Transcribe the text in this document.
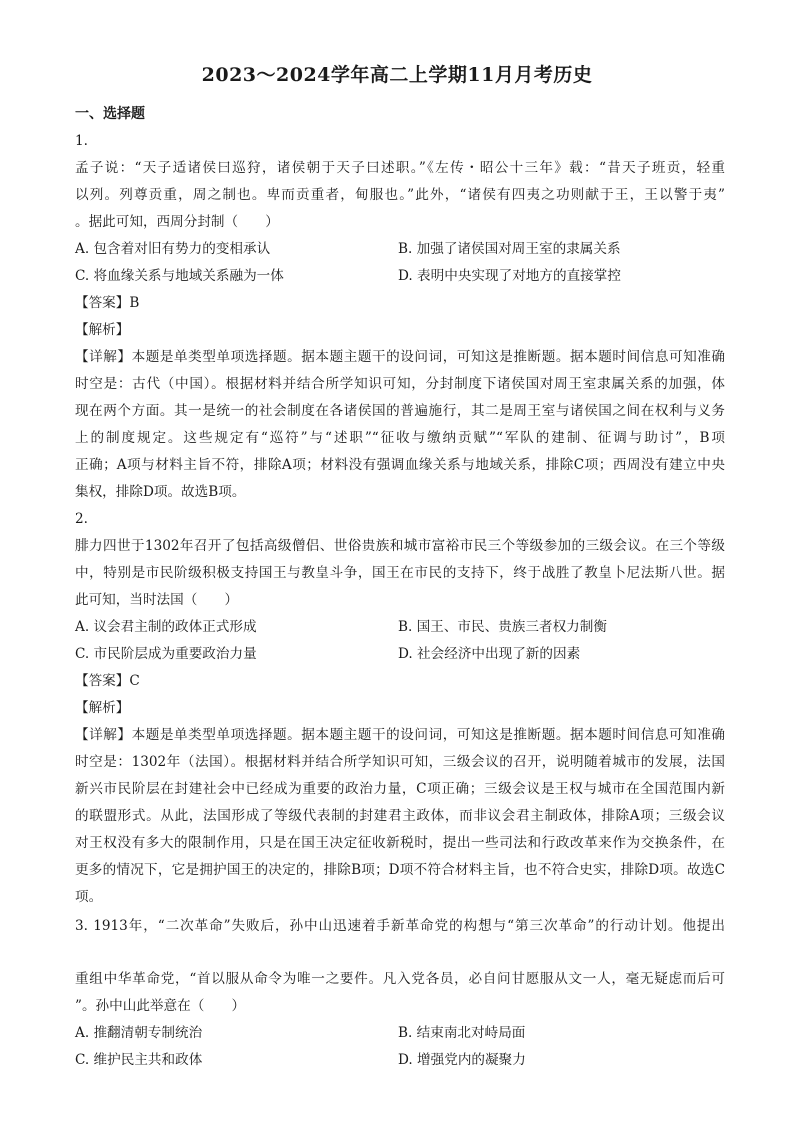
2023～2024学年高二上学期11月月考历史
一、选择题
1.
孟子说：“天子适诸侯曰巡狩，诸侯朝于天子曰述职。”《左传・昭公十三年》载：“昔天子班贡，轻重
以列。列尊贡重，周之制也。卑而贡重者，甸服也。”此外，“诸侯有四夷之功则献于王，王以警于夷”
。据此可知，西周分封制（　　）
A. 包含着对旧有势力的变相承认	B. 加强了诸侯国对周王室的隶属关系
C. 将血缘关系与地域关系融为一体	D. 表明中央实现了对地方的直接掌控
【答案】B
【解析】
【详解】本题是单类型单项选择题。据本题主题干的设问词，可知这是推断题。据本题时间信息可知准确
时空是：古代（中国）。根据材料并结合所学知识可知，分封制度下诸侯国对周王室隶属关系的加强，体
现在两个方面。其一是统一的社会制度在各诸侯国的普遍施行，其二是周王室与诸侯国之间在权利与义务
上的制度规定。这些规定有“巡符”与“述职”“征收与缴纳贡赋”“军队的建制、征调与助讨”，B项
正确；A项与材料主旨不符，排除A项；材料没有强调血缘关系与地域关系，排除C项；西周没有建立中央
集权，排除D项。故选B项。
2.
腓力四世于1302年召开了包括高级僧侣、世俗贵族和城市富裕市民三个等级参加的三级会议。在三个等级
中，特别是市民阶级积极支持国王与教皇斗争，国王在市民的支持下，终于战胜了教皇卜尼法斯八世。据
此可知，当时法国（　　）
A. 议会君主制的政体正式形成	B. 国王、市民、贵族三者权力制衡
C. 市民阶层成为重要政治力量	D. 社会经济中出现了新的因素
【答案】C
【解析】
【详解】本题是单类型单项选择题。据本题主题干的设问词，可知这是推断题。据本题时间信息可知准确
时空是：1302年（法国）。根据材料并结合所学知识可知，三级会议的召开，说明随着城市的发展，法国
新兴市民阶层在封建社会中已经成为重要的政治力量，C项正确；三级会议是王权与城市在全国范围内新
的联盟形式。从此，法国形成了等级代表制的封建君主政体，而非议会君主制政体，排除A项；三级会议
对王权没有多大的限制作用，只是在国王决定征收新税时，提出一些司法和行政改革来作为交换条件，在
更多的情况下，它是拥护国王的决定的，排除B项；D项不符合材料主旨，也不符合史实，排除D项。故选C
项。
3. 1913年，“二次革命”失败后，孙中山迅速着手新革命党的构想与“第三次革命”的行动计划。他提出
重组中华革命党，“首以服从命令为唯一之要件。凡入党各员，必自问甘愿服从文一人，毫无疑虑而后可
”。孙中山此举意在（　　）
A. 推翻清朝专制统治	B. 结束南北对峙局面
C. 维护民主共和政体	D. 增强党内的凝聚力
